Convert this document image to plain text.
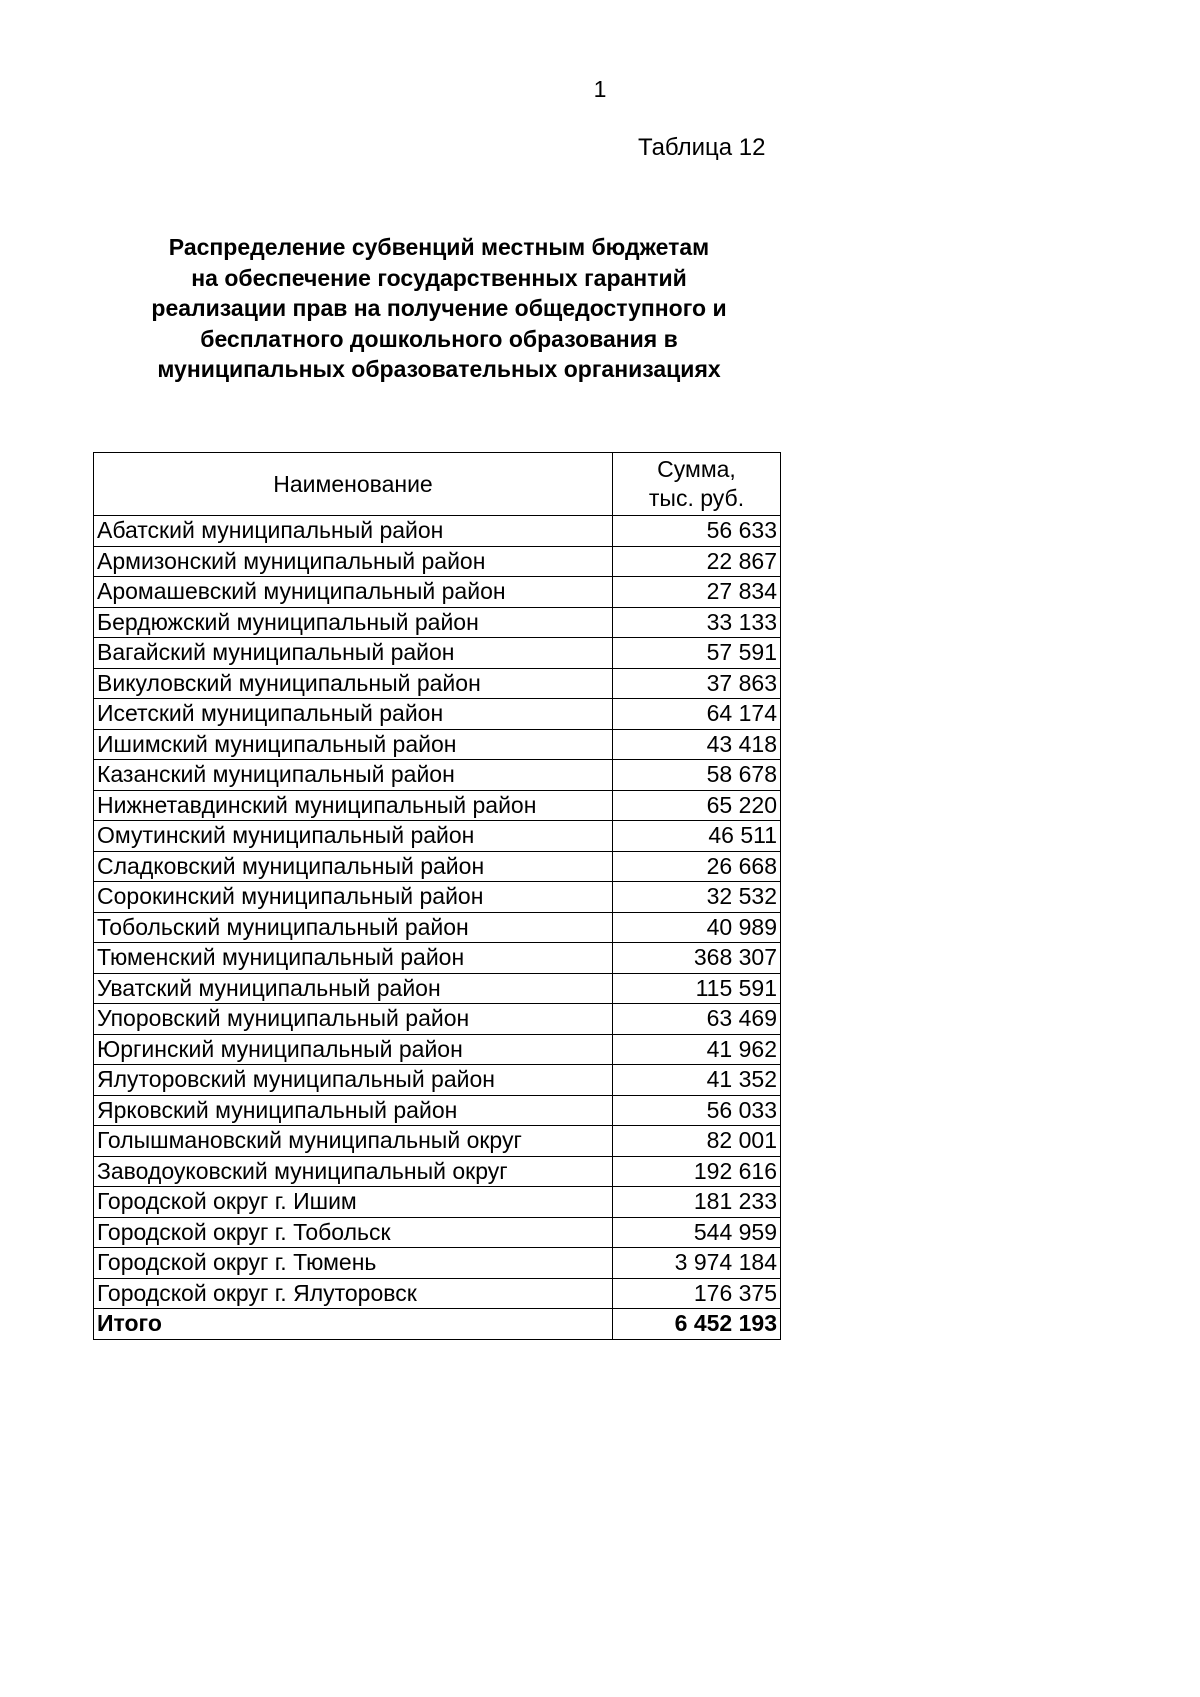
1
Таблица 12
Распределение субвенций местным бюджетам
на обеспечение государственных гарантий
реализации прав на получение общедоступного и
бесплатного дошкольного образования в
муниципальных образовательных организациях
Наименование	Сумма,
тыс. руб.

Абатский муниципальный район	56 633
Армизонский муниципальный район	22 867
Аромашевский муниципальный район	27 834
Бердюжский муниципальный район	33 133
Вагайский муниципальный район	57 591
Викуловский муниципальный район	37 863
Исетский муниципальный район	64 174
Ишимский муниципальный район	43 418
Казанский муниципальный район	58 678
Нижнетавдинский муниципальный район	65 220
Омутинский муниципальный район	46 511
Сладковский муниципальный район	26 668
Сорокинский муниципальный район	32 532
Тобольский муниципальный район	40 989
Тюменский муниципальный район	368 307
Уватский муниципальный район	115 591
Упоровский муниципальный район	63 469
Юргинский муниципальный район	41 962
Ялуторовский муниципальный район	41 352
Ярковский муниципальный район	56 033
Голышмановский муниципальный округ	82 001
Заводоуковский муниципальный округ	192 616
Городской округ г. Ишим	181 233
Городской округ г. Тобольск	544 959
Городской округ г. Тюмень	3 974 184
Городской округ г. Ялуторовск	176 375
Итого	6 452 193
